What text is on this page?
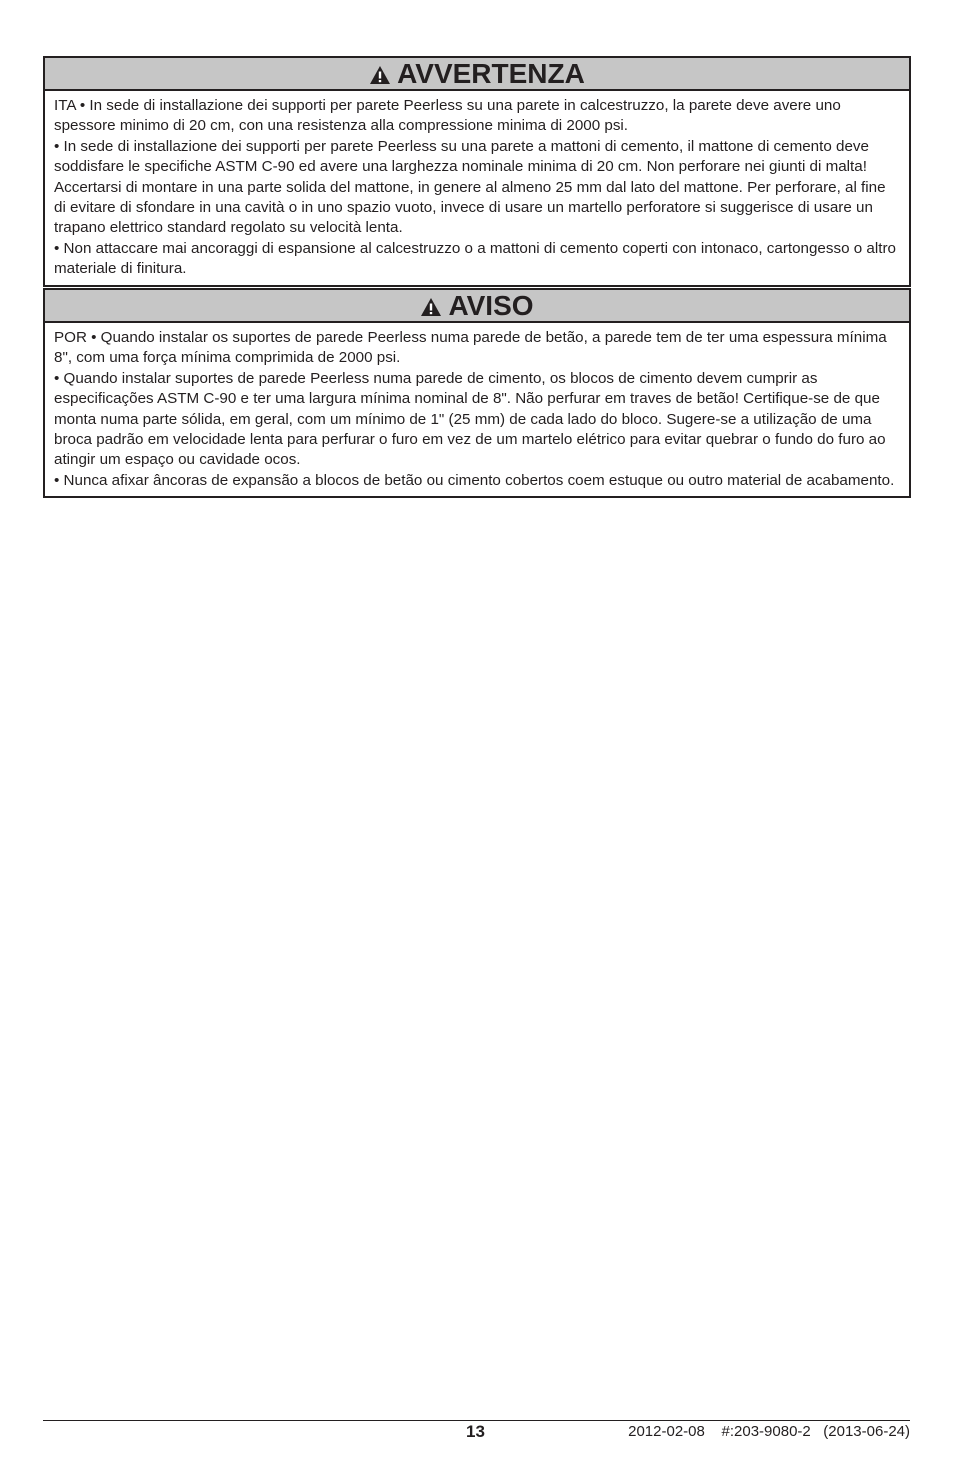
AVVERTENZA

ITA • In sede di installazione dei supporti per parete Peerless su una parete in calcestruzzo, la parete deve avere uno spessore minimo di 20 cm, con una resistenza alla compressione minima di 2000 psi.

• In sede di installazione dei supporti per parete Peerless su una parete a mattoni di cemento, il mattone di cemento deve soddisfare le specifiche ASTM C-90 ed avere una larghezza nominale minima di 20 cm. Non perforare nei giunti di malta! Accertarsi di montare in una parte solida del mattone, in genere al almeno 25 mm dal lato del mattone. Per perforare, al fine di evitare di sfondare in una cavità o in uno spazio vuoto, invece di usare un martello perforatore si suggerisce di usare un trapano elettrico standard regolato su velocità lenta.

• Non attaccare mai ancoraggi di espansione al calcestruzzo o a mattoni di cemento coperti con intonaco, cartongesso o altro materiale di finitura.

AVISO

POR • Quando instalar os suportes de parede Peerless numa parede de betão, a parede tem de ter uma espessura mínima 8", com uma força mínima comprimida de 2000 psi.

• Quando instalar suportes de parede Peerless numa parede de cimento, os blocos de cimento devem cumprir as especificações ASTM C-90 e ter uma largura mínima nominal de 8". Não perfurar em traves de betão! Certifique-se de que monta numa parte sólida, em geral, com um mínimo de 1" (25 mm) de cada lado do bloco. Sugere-se a utilização de uma broca padrão em velocidade lenta para perfurar o furo em vez de um martelo elétrico para evitar quebrar o fundo do furo ao atingir um espaço ou cavidade ocos.

• Nunca afixar âncoras de expansão a blocos de betão ou cimento cobertos coem estuque ou outro material de acabamento.

13	2012-02-08 #:203-9080-2 (2013-06-24)
